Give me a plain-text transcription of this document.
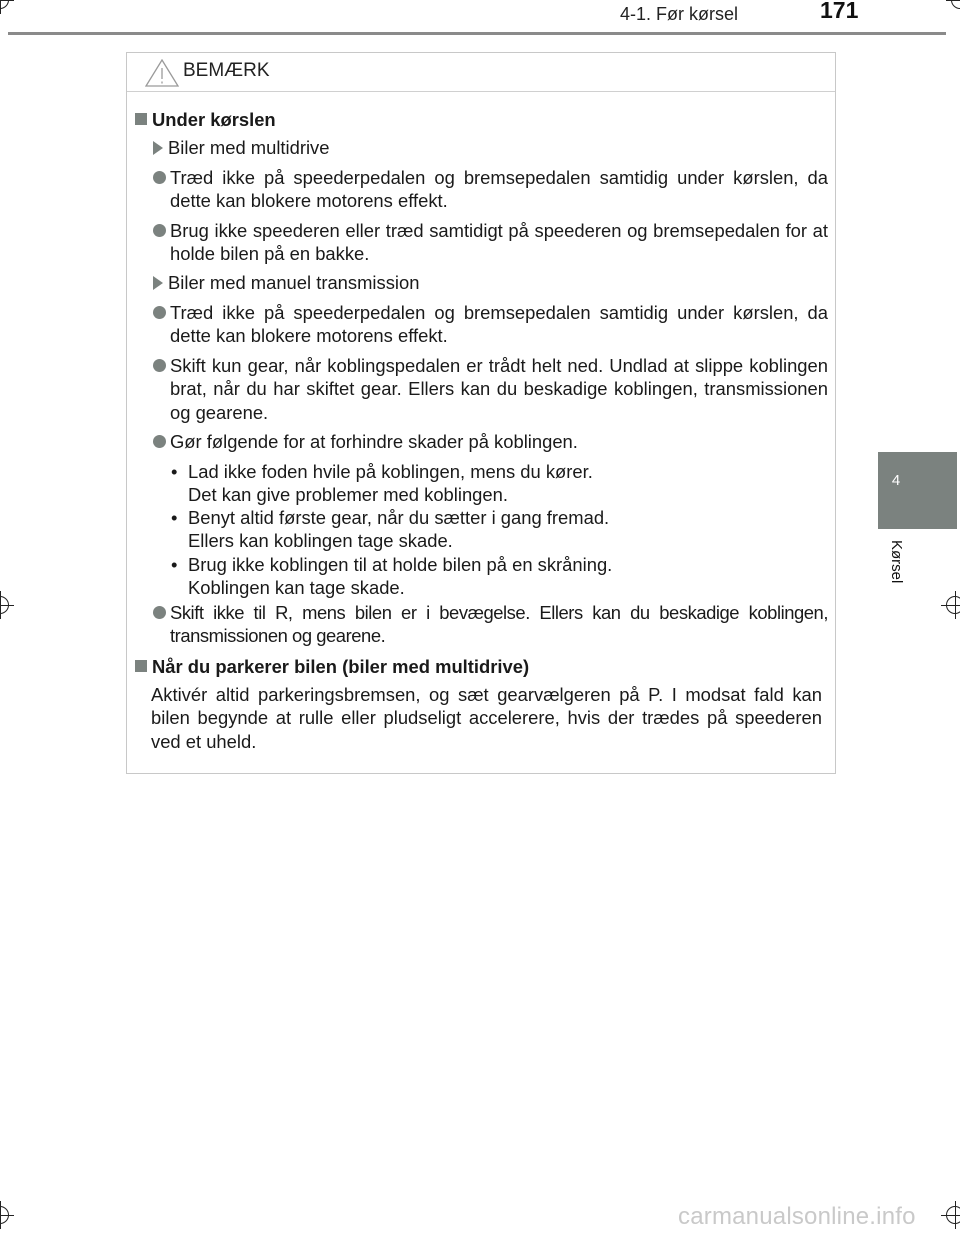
4-1. Før kørsel	171
4
Kørsel
BEMÆRK
Under kørslen
Biler med multidrive
Træd ikke på speederpedalen og bremsepedalen samtidig under kørslen, da dette kan blokere motorens effekt.
Brug ikke speederen eller træd samtidigt på speederen og bremsepedalen for at holde bilen på en bakke.
Biler med manuel transmission
Træd ikke på speederpedalen og bremsepedalen samtidig under kørslen, da dette kan blokere motorens effekt.
Skift kun gear, når koblingspedalen er trådt helt ned. Undlad at slippe koblingen brat, når du har skiftet gear. Ellers kan du beskadige koblingen, transmissionen og gearene.
Gør følgende for at forhindre skader på koblingen.
• Lad ikke foden hvile på koblingen, mens du kører.
Det kan give problemer med koblingen.
• Benyt altid første gear, når du sætter i gang fremad.
Ellers kan koblingen tage skade.
• Brug ikke koblingen til at holde bilen på en skråning.
Koblingen kan tage skade.
Skift ikke til R, mens bilen er i bevægelse. Ellers kan du beskadige koblingen, transmissionen og gearene.
Når du parkerer bilen (biler med multidrive)
Aktivér altid parkeringsbremsen, og sæt gearvælgeren på P. I modsat fald kan bilen begynde at rulle eller pludseligt accelerere, hvis der trædes på speederen ved et uheld.
carmanualsonline.info
